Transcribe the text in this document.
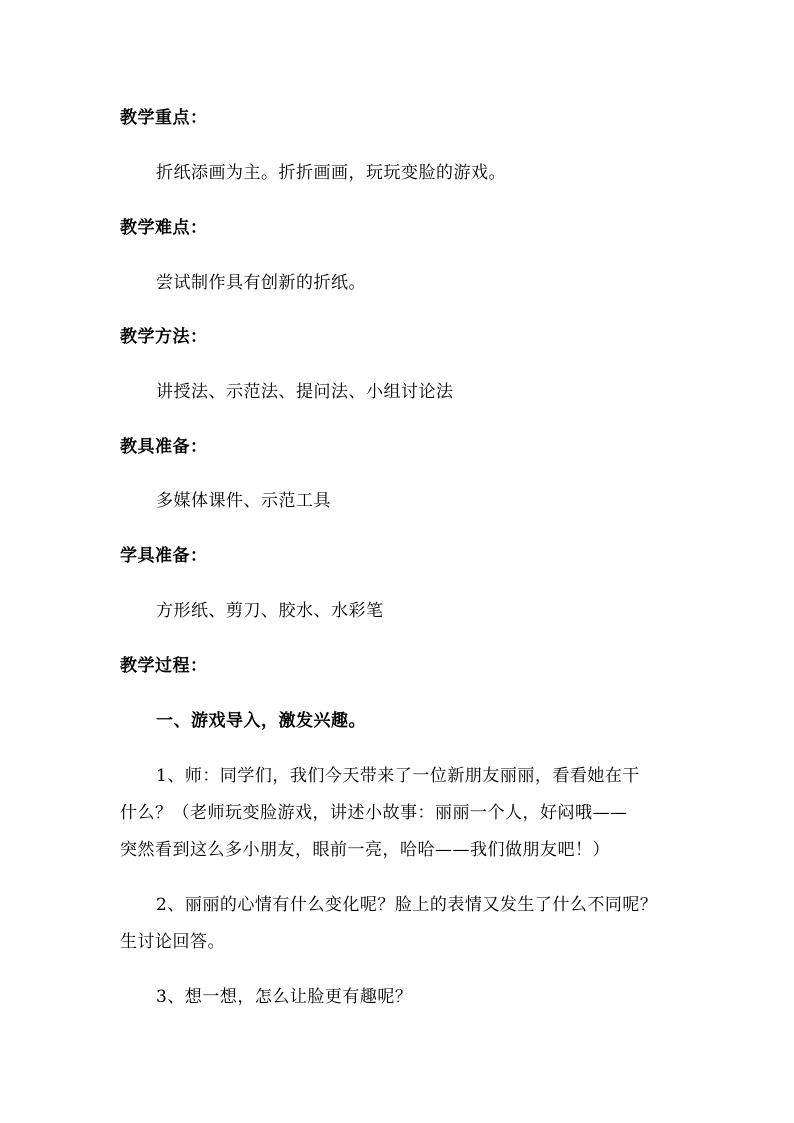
教学重点：
折纸添画为主。折折画画，玩玩变脸的游戏。
教学难点：
尝试制作具有创新的折纸。
教学方法：
讲授法、示范法、提问法、小组讨论法
教具准备：
多媒体课件、示范工具
学具准备：
方形纸、剪刀、胶水、水彩笔
教学过程：
一、游戏导入，激发兴趣。
1、师：同学们，我们今天带来了一位新朋友丽丽，看看她在干
什么？（老师玩变脸游戏，讲述小故事：丽丽一个人，好闷哦——
突然看到这么多小朋友，眼前一亮，哈哈——我们做朋友吧！）
2、丽丽的心情有什么变化呢？脸上的表情又发生了什么不同呢？
生讨论回答。
3、想一想，怎么让脸更有趣呢？
